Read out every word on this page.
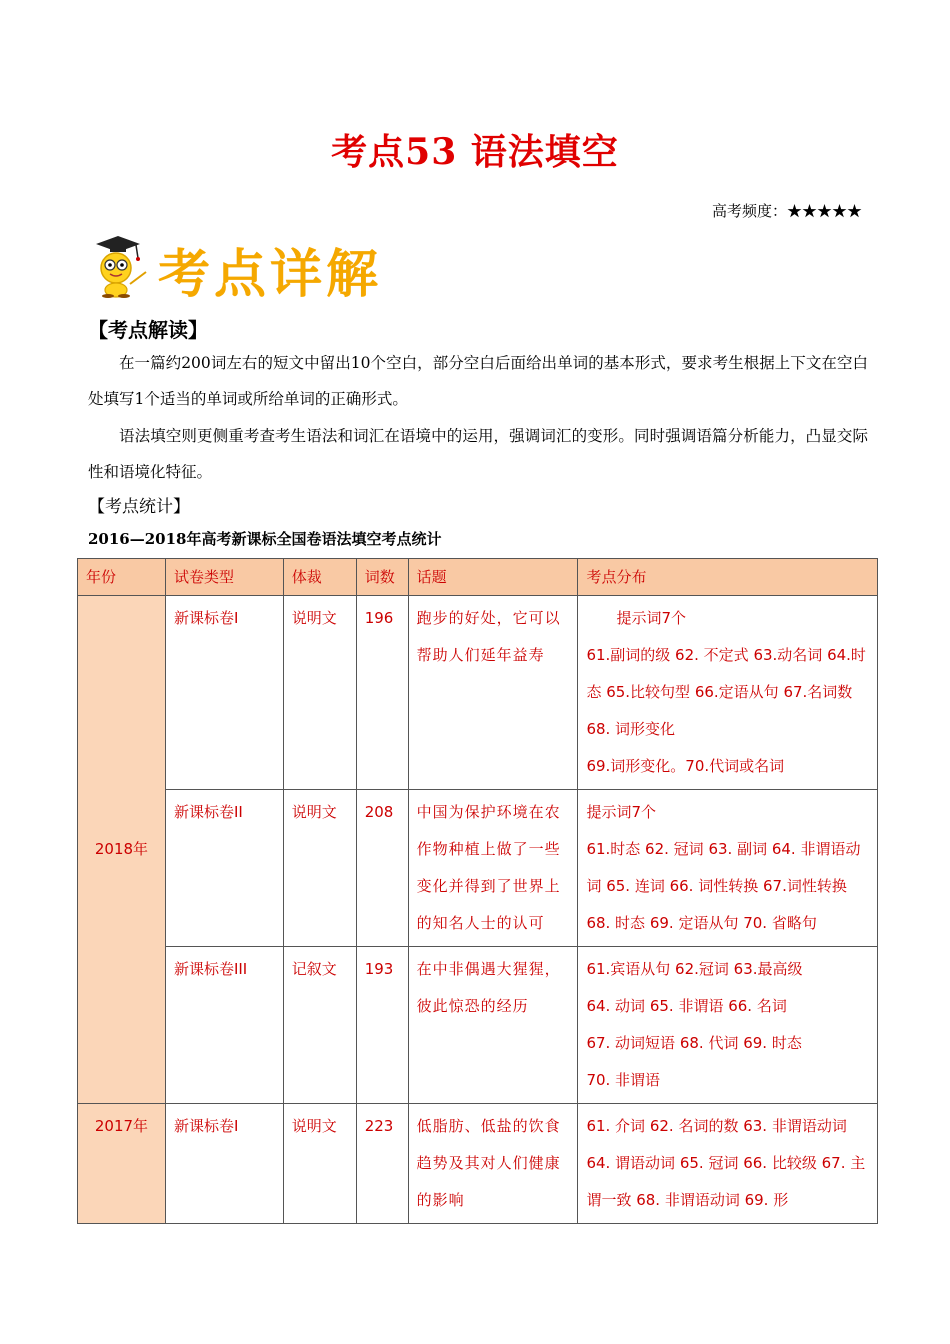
考点53 语法填空
高考频度：★★★★★
考点详解
【考点解读】
在一篇约200词左右的短文中留出10个空白，部分空白后面给出单词的基本形式，要求考生根据上下文在空白处填写1个适当的单词或所给单词的正确形式。
语法填空则更侧重考查考生语法和词汇在语境中的运用，强调词汇的变形。同时强调语篇分析能力，凸显交际性和语境化特征。
【考点统计】
2016—2018年高考新课标全国卷语法填空考点统计
年份	试卷类型	体裁	词数	话题	考点分布
2018年	新课标卷I	说明文	196	跑步的好处，它可以帮助人们延年益寿	　　提示词7个
61.副词的级 62. 不定式 63.动名词 64.时态 65.比较句型 66.定语从句 67.名词数 68. 词形变化
69.词形变化。70.代词或名词
	新课标卷II	说明文	208	中国为保护环境在农作物种植上做了一些变化并得到了世界上的知名人士的认可	提示词7个
61.时态 62. 冠词 63. 副词 64. 非谓语动词 65. 连词 66. 词性转换 67.词性转换 68. 时态 69. 定语从句 70. 省略句
	新课标卷III	记叙文	193	在中非偶遇大猩猩，彼此惊恐的经历	61.宾语从句 62.冠词 63.最高级
64. 动词 65. 非谓语 66. 名词
67. 动词短语 68. 代词 69. 时态
70. 非谓语
2017年	新课标卷I	说明文	223	低脂肪、低盐的饮食趋势及其对人们健康的影响	61. 介词 62. 名词的数 63. 非谓语动词 64. 谓语动词 65. 冠词 66. 比较级 67. 主谓一致 68. 非谓语动词 69. 形
